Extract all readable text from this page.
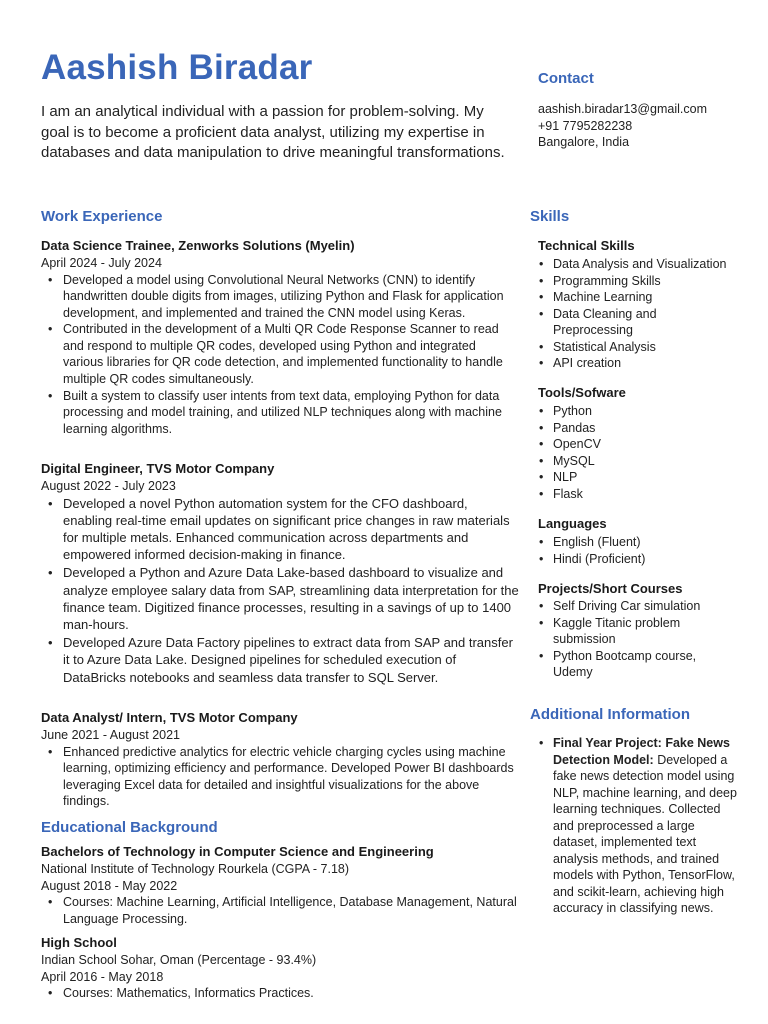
Aashish Biradar
I am an analytical individual with a passion for problem-solving. My goal is to become a proficient data analyst, utilizing my expertise in databases and data manipulation to drive meaningful transformations.
Contact
aashish.biradar13@gmail.com
+91 7795282238
Bangalore, India
Work Experience
Data Science Trainee, Zenworks Solutions (Myelin)
April 2024 - July 2024
• Developed a model using Convolutional Neural Networks (CNN) to identify handwritten double digits from images, utilizing Python and Flask for application development, and implemented and trained the CNN model using Keras.
• Contributed in the development of a Multi QR Code Response Scanner to read and respond to multiple QR codes, developed using Python and integrated various libraries for QR code detection, and implemented functionality to handle multiple QR codes simultaneously.
• Built a system to classify user intents from text data, employing Python for data processing and model training, and utilized NLP techniques along with machine learning algorithms.
Digital Engineer, TVS Motor Company
August 2022 - July 2023
• Developed a novel Python automation system for the CFO dashboard, enabling real-time email updates on significant price changes in raw materials for multiple metals. Enhanced communication across departments and empowered informed decision-making in finance.
• Developed a Python and Azure Data Lake-based dashboard to visualize and analyze employee salary data from SAP, streamlining data interpretation for the finance team. Digitized finance processes, resulting in a savings of up to 1400 man-hours.
• Developed Azure Data Factory pipelines to extract data from SAP and transfer it to Azure Data Lake. Designed pipelines for scheduled execution of DataBricks notebooks and seamless data transfer to SQL Server.
Data Analyst/ Intern, TVS Motor Company
June 2021 - August 2021
• Enhanced predictive analytics for electric vehicle charging cycles using machine learning, optimizing efficiency and performance. Developed Power BI dashboards leveraging Excel data for detailed and insightful visualizations for the above findings.
Educational Background
Bachelors of Technology in Computer Science and Engineering
National Institute of Technology Rourkela (CGPA - 7.18)
August 2018 - May 2022
• Courses: Machine Learning, Artificial Intelligence, Database Management, Natural Language Processing.
High School
Indian School Sohar, Oman (Percentage - 93.4%)
April 2016 - May 2018
• Courses: Mathematics, Informatics Practices.
Skills
Technical Skills
• Data Analysis and Visualization
• Programming Skills
• Machine Learning
• Data Cleaning and Preprocessing
• Statistical Analysis
• API creation
Tools/Sofware
• Python
• Pandas
• OpenCV
• MySQL
• NLP
• Flask
Languages
• English (Fluent)
• Hindi (Proficient)
Projects/Short Courses
• Self Driving Car simulation
• Kaggle Titanic problem submission
• Python Bootcamp course, Udemy
Additional Information
• Final Year Project: Fake News Detection Model: Developed a fake news detection model using NLP, machine learning, and deep learning techniques. Collected and preprocessed a large dataset, implemented text analysis methods, and trained models with Python, TensorFlow, and scikit-learn, achieving high accuracy in classifying news.
